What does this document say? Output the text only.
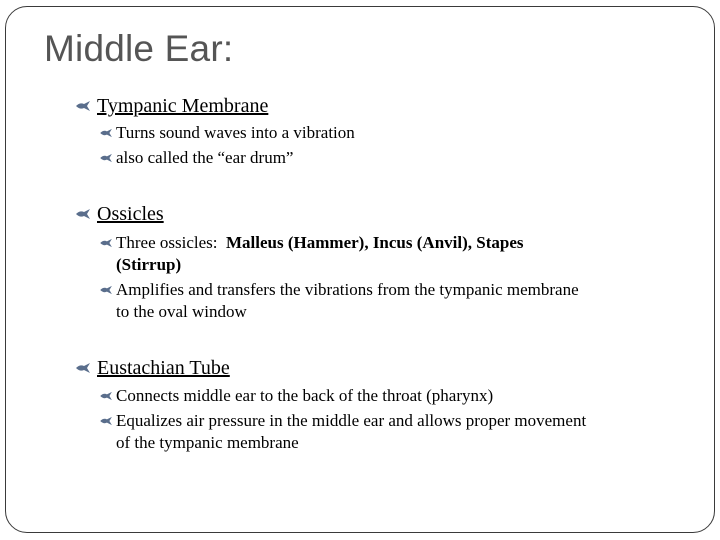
Middle Ear:
Tympanic Membrane
Turns sound waves into a vibration
also called the “ear drum”
Ossicles
Three ossicles: Malleus (Hammer), Incus (Anvil), Stapes
(Stirrup)
Amplifies and transfers the vibrations from the tympanic membrane
to the oval window
Eustachian Tube
Connects middle ear to the back of the throat (pharynx)
Equalizes air pressure in the middle ear and allows proper movement
of the tympanic membrane
